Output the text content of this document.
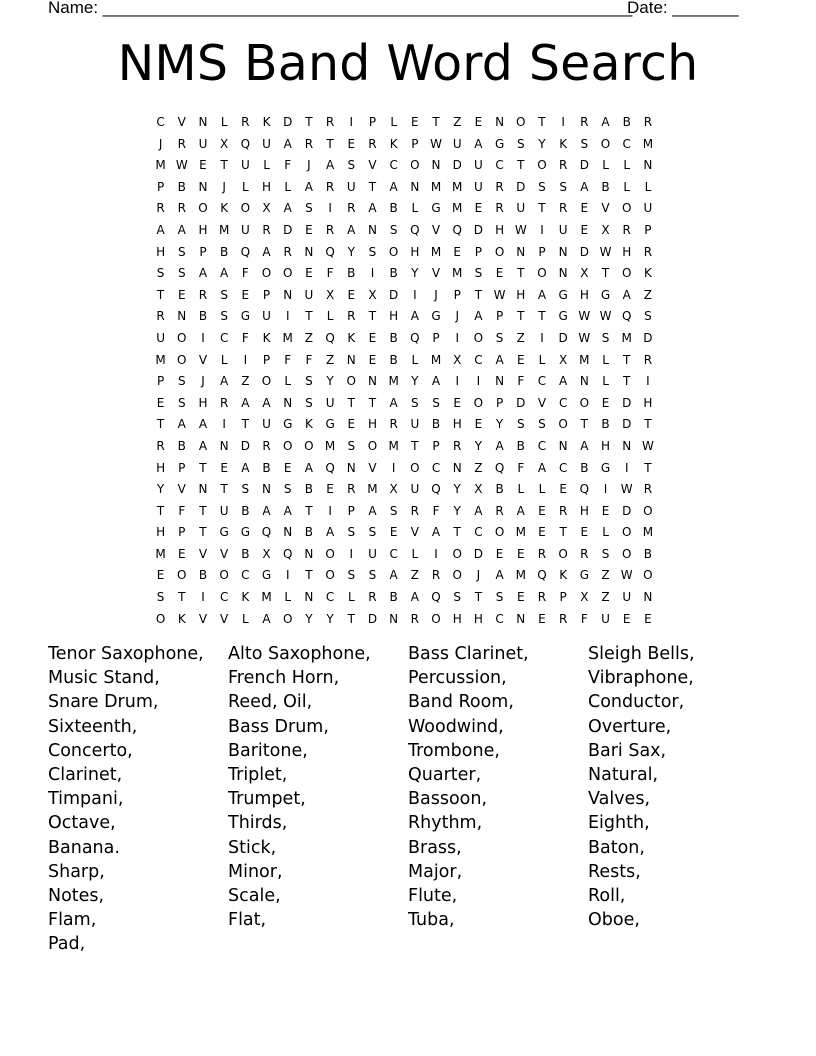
Name: ________________________________________________________

Date: _______

NMS Band Word Search
C	V	N	L	R	K	D	T	R	I	P	L	E	T	Z	E	N O	T	I	R	A	B	R
J	R	U	X	Q	U	A	R	T	E	R	K	P W U	A	G	S	Y	K	S	O	C M
M W E	T	U	L	F	J	A	S	V	C	O N	D	U	C	T	O	R	D	L	L	N
P	B	N	J	L	H	L	A	R	U	T	A	N M M U	R	D	S	S	A	B	L	L
R	R	O	K	O	X	A	S	I	R	A	B	L	G M	E	R	U	T	R	E	V	O	U
A	A	H M U	R	D	E	R	A	N	S	Q	V	Q D	H W	I	U	E	X	R	P
H	S	P	B	Q	A	R	N Q	Y	S	O H M	E	P	O N	P	N	D W H	R
S	S	A	A	F	O O	E	F	B	I	B	Y	V M	S	E	T	O N	X	T	O	K
T	E	R	S	E	P	N	U	X	E	X	D	I	J	P	T W H	A	G	H	G	A	Z
R	N	B	S	G	U	I	T	L	R	T	H	A	G	J	A	P	T	T	G W W Q	S
U	O	I	C	F	K	M Z	Q	K	E	B	Q	P	I	O	S	Z	I	D W S	M D
M O	V	L	I	P	F	F	Z	N	E	B	L	M X	C	A	E	L	X M	L	T	R
P	S	J	A	Z	O	L	S	Y	O N M	Y	A	I	I	N	F	C	A	N	L	T	I
E	S	H	R	A	A	N	S	U	T	T	A	S	S	E	O	P	D	V	C	O	E	D	H
T	A	A	I	T	U	G	K	G	E	H	R	U	B	H	E	Y	S	S	O	T	B	D	T
R	B	A	N	D	R	O O M	S	O M	T	P	R	Y	A	B	C	N	A	H	N W
H	P	T	E	A	B	E	A	Q N	V	I	O	C	N	Z	Q	F	A	C	B	G	I	T
Y	V	N	T	S	N	S	B	E	R M X	U	Q	Y	X	B	L	L	E	Q	I	W R
T	F	T	U	B	A	A	T	I	P	A	S	R	F	Y	A	R	A	E	R	H	E	D O
H	P	T	G G Q N	B	A	S	S	E	V	A	T	C	O M	E	T	E	L	O M
M	E	V	V	B	X	Q N O	I	U	C	L	I	O D	E	E	R	O	R	S	O	B
E	O	B	O	C	G	I	T	O	S	S	A	Z	R	O	J	A M Q	K	G	Z W O
S	T	I	C	K	M	L	N	C	L	R	B	A	Q	S	T	S	E	R	P	X	Z	U	N
O	K	V	V	L	A	O	Y	Y	T	D	N	R	O H	H	C	N	E	R	F	U	E	E
Tenor Saxophone,
Music Stand,
Snare Drum,
Sixteenth,
Concerto,
Clarinet,
Timpani,
Octave,
Banana.
Sharp,
Notes,
Flam,
Pad,
Alto Saxophone,
French Horn,
Reed, Oil,
Bass Drum,
Baritone,
Triplet,
Trumpet,
Thirds,
Stick,
Minor,
Scale,
Flat,
Bass Clarinet,
Percussion,
Band Room,
Woodwind,
Trombone,
Quarter,
Bassoon,
Rhythm,
Brass,
Major,
Flute,
Tuba,
Sleigh Bells,
Vibraphone,
Conductor,
Overture,
Bari Sax,
Natural,
Valves,
Eighth,
Baton,
Rests,
Roll,
Oboe,
